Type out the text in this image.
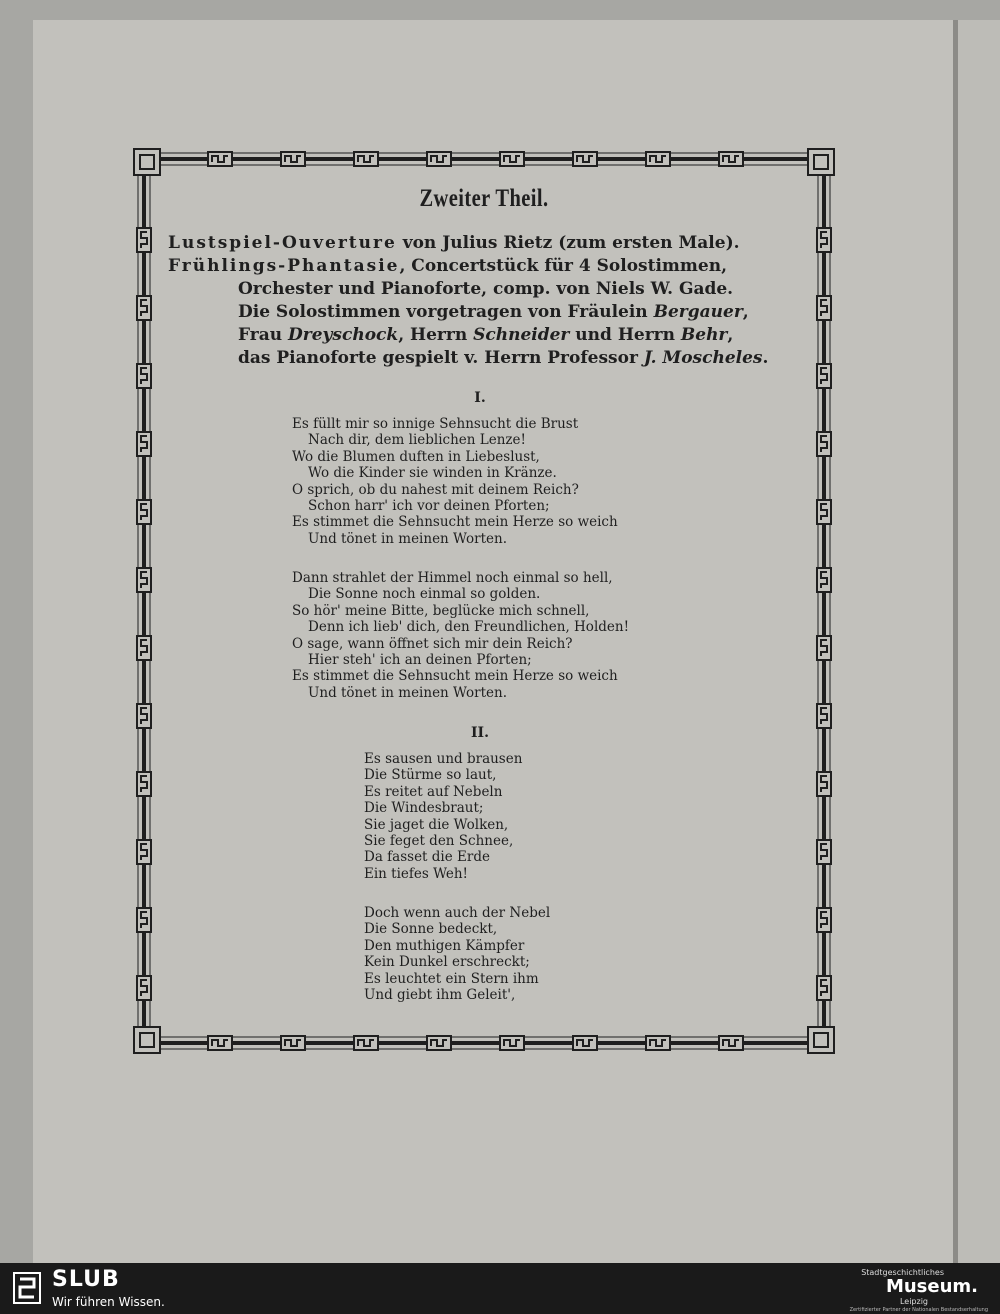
Zweiter Theil.
Lustspiel-Ouverture von Julius Rietz (zum ersten Male).
Frühlings-Phantasie, Concertstück für 4 Solostimmen,
Orchester und Pianoforte, comp. von Niels W. Gade.
Die Solostimmen vorgetragen von Fräulein Bergauer,
Frau Dreyschock, Herrn Schneider und Herrn Behr,
das Pianoforte gespielt v. Herrn Professor J. Moscheles.
I.
Es füllt mir so innige Sehnsucht die Brust
Nach dir, dem lieblichen Lenze!
Wo die Blumen duften in Liebeslust,
Wo die Kinder sie winden in Kränze.
O sprich, ob du nahest mit deinem Reich?
Schon harr' ich vor deinen Pforten;
Es stimmet die Sehnsucht mein Herze so weich
Und tönet in meinen Worten.
Dann strahlet der Himmel noch einmal so hell,
Die Sonne noch einmal so golden.
So hör' meine Bitte, beglücke mich schnell,
Denn ich lieb' dich, den Freundlichen, Holden!
O sage, wann öffnet sich mir dein Reich?
Hier steh' ich an deinen Pforten;
Es stimmet die Sehnsucht mein Herze so weich
Und tönet in meinen Worten.
II.
Es sausen und brausen
Die Stürme so laut,
Es reitet auf Nebeln
Die Windesbraut;
Sie jaget die Wolken,
Sie feget den Schnee,
Da fasset die Erde
Ein tiefes Weh!
Doch wenn auch der Nebel
Die Sonne bedeckt,
Den muthigen Kämpfer
Kein Dunkel erschreckt;
Es leuchtet ein Stern ihm
Und giebt ihm Geleit',
SLUB
Wir führen Wissen.
Stadtgeschichtliches
Museum.
Leipzig
Zertifizierter Partner der Nationalen Bestandserhaltung
